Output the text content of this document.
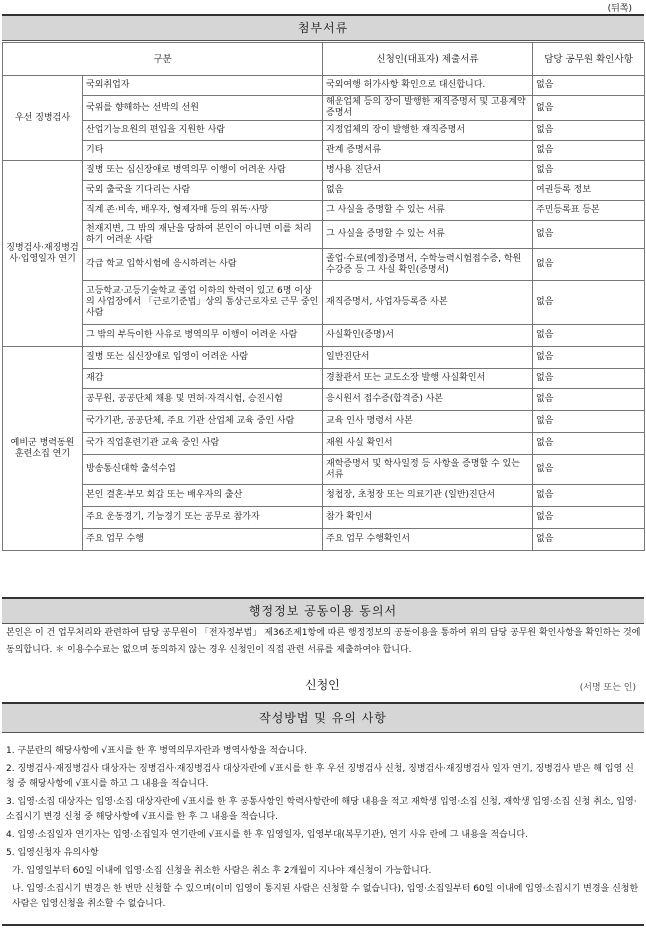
(뒤쪽)
첨부서류
구분		신청인(대표자) 제출서류	담당 공무원 확인사항
우선 징병검사	국외취업자	국외여행 허가사항 확인으로 대신합니다.	없음
	국위를 향해하는 선박의 선원	해운업체 등의 장이 발행한 재직증명서 및 고용계약 증명서	없음
	산업기능요원의 편입을 지원한 사람	지정업체의 장이 발행한 재직증명서	없음
	기타	관계 증명서류	없음
징병검사·재징병검사·입영일자 연기	질병 또는 심신장애로 병역의무 이행이 어려운 사람	병사용 진단서	없음
	국외 출국을 기다리는 사람	없음	여권등록 정보
	직계 존·비속, 배우자, 형제자매 등의 위독·사망	그 사실을 증명할 수 있는 서류	주민등록표 등본
	천재지변, 그 밖의 재난을 당하여 본인이 아니면 이를 처리하기 어려운 사람	그 사실을 증명할 수 있는 서류	없음
	각급 학교 입학시험에 응시하려는 사람	졸업·수료(예정)증명서, 수학능력시험접수증, 학원수강증 등 그 사실 확인(증명서)	없음
	고등학교·고등기술학교 졸업 이하의 학력이 있고 6명 이상의 사업장에서 「근로기준법」상의 통상근로자로 근무 중인 사람	재직증명서, 사업자등록증 사본	없음
	그 밖의 부득이한 사유로 병역의무 이행이 어려운 사람	사실확인(증명)서	없음
예비군 병력동원 훈련소집 연기	질병 또는 심신장애로 입영이 어려운 사람	일반진단서	없음
	재감	경찰관서 또는 교도소장 발행 사실확인서	없음
	공무원, 공공단체 채용 및 면허·자격시험, 승진시험	응시원서 접수증(합격증) 사본	없음
	국가기관, 공공단체, 주요 기관 산업체 교육 중인 사람	교육 인사 명령서 사본	없음
	국가 직업훈련기관 교육 중인 사람	재원 사실 확인서	없음
	방송통신대학 출석수업	재학증명서 및 학사일정 등 사항을 증명할 수 있는 서류	없음
	본인 결혼·부모 회갑 또는 배우자의 출산	청첩장, 초청장 또는 의료기관 (일반)진단서	없음
	주요 운동경기, 기능경기 또는 공무로 참가자	참가 확인서	없음
	주요 업무 수행	주요 업무 수행확인서	없음
행정정보 공동이용 동의서
본인은 이 건 업무처리와 관련하여 담당 공무원이 「전자정부법」 제36조제1항에 따른 행정정보의 공동이용을 통하여 위의 담당 공무원 확인사항을 확인하는 것에 동의합니다. ＊ 이용수수료는 없으며 동의하지 않는 경우 신청인이 직접 관련 서류를 제출하여야 합니다.
신청인	(서명 또는 인)
작성방법 및 유의 사항
1. 구분란의 해당사항에 √표시를 한 후 병역의무자란과 병역사항을 적습니다.
2. 징병검사·재징병검사 대상자는 징병검사·재징병검사 대상자란에 √표시를 한 후 우선 징병검사 신청, 징병검사·재징병검사 일자 연기, 징병검사 받은 해 입영 신청 중 해당사항에 √표시를 하고 그 내용을 적습니다.
3. 입영·소집 대상자는 입영·소집 대상자란에 √표시를 한 후 공통사항인 학력사항란에 해당 내용을 적고 재학생 입영·소집 신청, 재학생 입영·소집 신청 취소, 입영·소집시기 변경 신청 중 해당사항에 √표시를 한 후 그 내용을 적습니다.
4. 입영·소집일자 연기자는 입영·소집일자 연기란에 √표시를 한 후 입영일자, 입영부대(복무기관), 연기 사유 란에 그 내용을 적습니다.
5. 입영신청자 유의사항
가. 입영일부터 60일 이내에 입영·소집 신청을 취소한 사람은 취소 후 2개월이 지나야 재신청이 가능합니다.
나. 입영·소집시기 변경은 한 번만 신청할 수 있으며(이미 입영이 통지된 사람은 신청할 수 없습니다), 입영·소집일부터 60일 이내에 입영·소집시기 변경을 신청한 사람은 입영신청을 취소할 수 없습니다.
